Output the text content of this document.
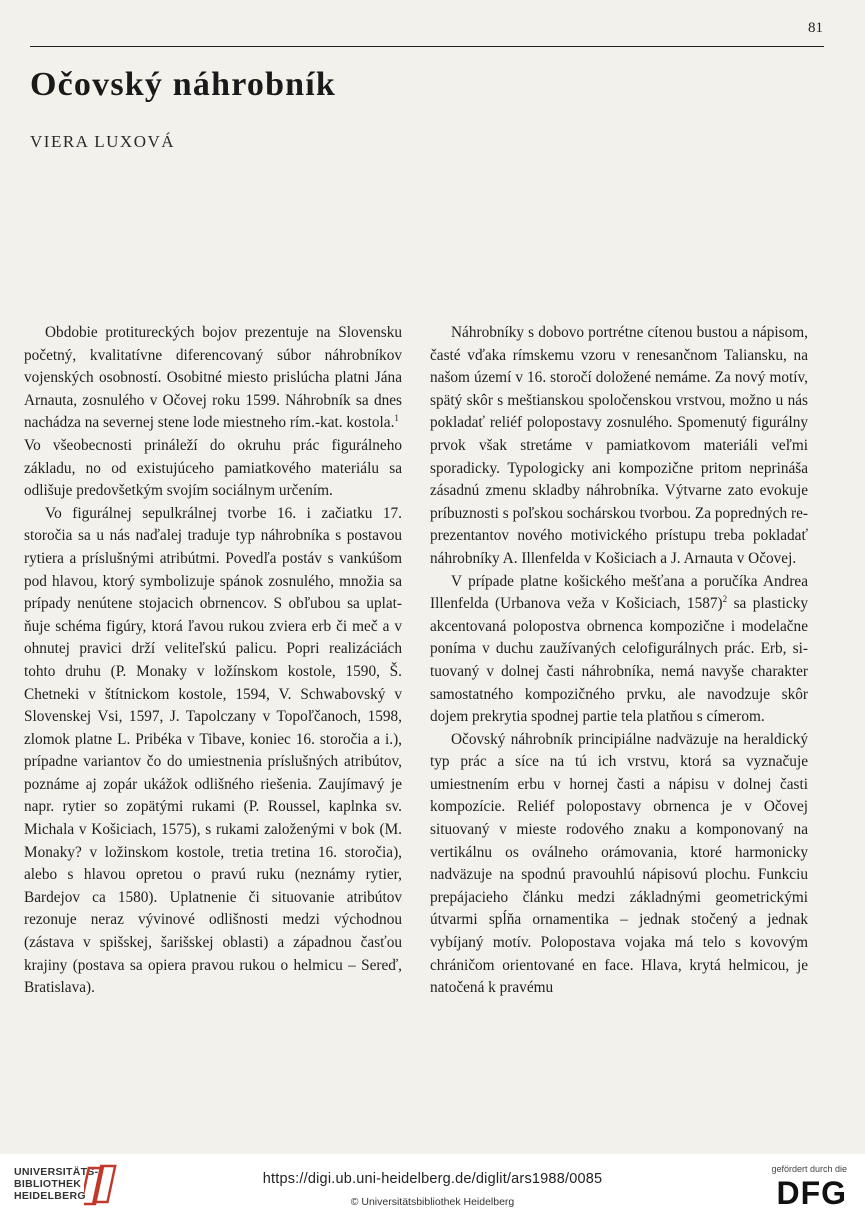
81
Očovský náhrobník
VIERA LUXOVÁ

Obdobie protitureckých bojov prezentuje na Slovensku početný, kvalitatívne diferencovaný súbor náhrobníkov vojenských osobností. Osobitné miesto prislúcha platni Jána Arnauta, zosnulého v Očovej roku 1599. Náhrobník sa dnes nachádza na severnej stene lode miestneho rím.-kat. kostola.$^1$

Vo všeobecnosti prináleží do okruhu prác figurálneho základu, no od existujúceho pamiatkového materiálu sa odlišuje predovšetkým svojím sociálnym určením.

Vo figurálnej sepulkrálnej tvorbe 16. i začiatku 17. storočia sa u nás naďalej traduje typ náhrobníka s postavou rytiera a príslušnými atribútmi. Povedľa postáv s vankúšom pod hlavou, ktorý symbolizuje spánok zosnulého, množia sa prípady nenútene stojacich obrnencov. S obľubou sa uplatňuje schéma figúry, ktorá ľavou rukou zviera erb či meč a v ohnutej pravici drží veliteľskú palicu. Popri realizáciách tohto druhu (P. Monaky v ložínskom kostole, 1590, Š. Chetneki v štítnickom kostole, 1594, V. Schwabovský v Slovenskej Vsi, 1597, J. Tapolczany v Topoľčanoch, 1598, zlomok platne L. Pribéka v Tibave, koniec 16. storočia a i.), prípadne variantov čo do umiestnenia príslušných atribútov, poznáme aj zopár ukážok odlišného riešenia. Zaujímavý je napr. rytier so zopätými rukami (P. Roussel, kaplnka sv. Michala v Košiciach, 1575), s rukami založenými v bok (M. Monaky? v ložinskom kostole, tretia tretina 16. storočia), alebo s hlavou opretou o pravú ruku (neznámy rytier, Bardejov ca 1580). Uplatnenie či situovanie atribútov rezonuje neraz vývinové odlišnosti medzi východnou (zástava v spišskej, šarišskej oblasti) a západnou časťou krajiny (postava sa opiera pravou rukou o helmicu – Sereď, Bratislava).

Náhrobníky s dobovo portrétne cítenou bustou a nápisom, časté vďaka rímskemu vzoru v renesančnom Taliansku, na našom území v 16. storočí doložené nemáme. Za nový motív, spätý skôr s meštianskou spoločenskou vrstvou, možno u nás pokladať reliéf polopostavy zosnulého. Spomenutý figurálny prvok však stretáme v pamiatkovom materiáli veľmi sporadicky. Typologicky ani kompozične pritom neprináša zásadnú zmenu skladby náhrobníka. Výtvarne zato evokuje príbuznosti s poľskou sochárskou tvorbou. Za popredných reprezentantov nového motivického prístupu treba pokladať náhrobníky A. Illenfelda v Košiciach a J. Arnauta v Očovej.

V prípade platne košického mešťana a poručíka Andrea Illenfelda (Urbanova veža v Košiciach, 1587)$^2$ sa plasticky akcentovaná polopostva obrnenca kompozične i modelačne poníma v duchu zaužívaných celofigurálnych prác. Erb, situovaný v dolnej časti náhrobníka, nemá navyše charakter samostatného kompozičného prvku, ale navodzuje skôr dojem prekrytia spodnej partie tela platňou s címerom.

Očovský náhrobník principiálne nadväzuje na heraldický typ prác a síce na tú ich vrstvu, ktorá sa vyznačuje umiestnením erbu v hornej časti a nápisu v dolnej časti kompozície. Reliéf polopostavy obrnenca je v Očovej situovaný v mieste rodového znaku a komponovaný na vertikálnu os oválneho orámovania, ktoré harmonicky nadväzuje na spodnú pravouhlú nápisovú plochu. Funkciu prepájacieho článku medzi základnými geometrickými útvarmi spĺňa ornamentika – jednak stočený a jednak vybíjaný motív. Polopostava vojaka má telo s kovovým chráničom orientované en face. Hlava, krytá helmicou, je natočená k pravému

UNIVERSITÄTS-
BIBLIOTHEK
HEIDELBERG
https://digi.ub.uni-heidelberg.de/diglit/ars1988/0085
© Universitätsbibliothek Heidelberg
gefördert durch die
DFG
